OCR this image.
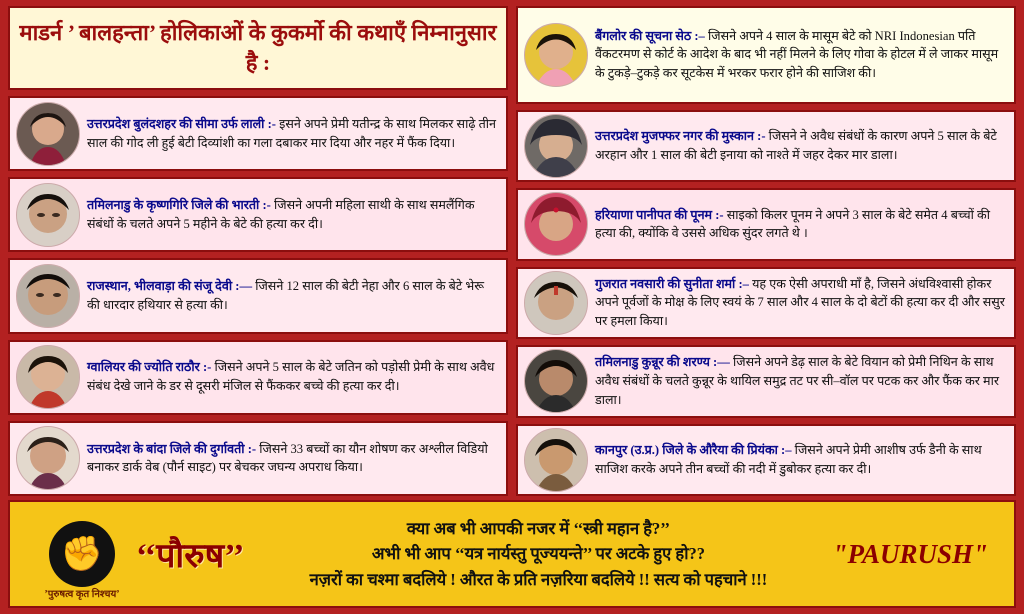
माडर्न ’ बालहन्ता’ होलिकाओं के कुकर्मो की कथाएँ निम्नानुसार है :
उत्तरप्रदेश बुलंदशहर की सीमा उर्फ लाली :- इसने अपने प्रेमी यतीन्द्र के साथ मिलकर साढ़े तीन साल की गोद ली हुई बेटी दिव्यांशी का गला दबाकर मार दिया और नहर में फैंक दिया।
तमिलनाडु के कृष्णगिरि जिले की भारती :- जिसने अपनी महिला साथी के साथ समलैंगिक संबंधों के चलते अपने 5 महीने के बेटे की हत्या कर दी।
राजस्थान, भीलवाड़ा की संजू देवी :— जिसने 12 साल की बेटी नेहा और 6 साल के बेटे भेरू की धारदार हथियार से हत्या की।
ग्वालियर की ज्योति राठौर :- जिसने अपने 5 साल के बेटे जतिन को पड़ोसी प्रेमी के साथ अवैध संबंध देखे जाने के डर से दूसरी मंजिल से फैंककर बच्चे की हत्या कर दी।
उत्तरप्रदेश के बांदा जिले की दुर्गावती :- जिसने 33 बच्चों का यौन शोषण कर अश्लील विडियो बनाकर डार्क वेब (पौर्न साइट) पर बेचकर जघन्य अपराध किया।
बैंगलोर की सूचना सेठ :– जिसने अपने 4 साल के मासूम बेटे को NRI Indonesian पति वैंकटरमण से कोर्ट के आदेश के बाद भी नहीं मिलने के लिए गोवा के होटल में ले जाकर मासूम के टुकड़े–टुकड़े कर सूटकेस में भरकर फरार होने की साजिश की।
उत्तरप्रदेश मुजफ्फर नगर की मुस्कान :- जिसने ने अवैध संबंधों के कारण अपने 5 साल के बेटे अरहान और 1 साल की बेटी इनाया को नाश्ते में जहर देकर मार डाला।
हरियाणा पानीपत की पूनम :- साइको किलर पूनम ने अपने 3 साल के बेटे समेत 4 बच्चों की हत्या की, क्योंकि वे उससे अधिक सुंदर लगते थे ।
गुजरात नवसारी की सुनीता शर्मा :– यह एक ऐसी अपराधी माँ है, जिसने अंधविश्वासी होकर अपने पूर्वजों के मोक्ष के लिए स्वयं के 7 साल और 4 साल के दो बेटों की हत्या कर दी और ससुर पर हमला किया।
तमिलनाडु कुन्नूर की शरण्य :— जिसने अपने डेढ़ साल के बेटे वियान को प्रेमी निथिन के साथ अवैध संबंधों के चलते कुन्नूर के थायिल समुद्र तट पर सी–वॉल पर पटक कर और फैंक कर मार डाला।
कानपुर (उ.प्र.) जिले के औरैया की प्रियंका :– जिसने अपने प्रेमी आशीष उर्फ डैनी के साथ साजिश करके अपने तीन बच्चों की नदी में डुबोकर हत्या कर दी।
✊
’पुरुषत्व कृत निश्चय’
‘‘पौरुष’’
क्या अब भी आपकी नजर में ‘‘स्त्री महान है?’’
अभी भी आप ‘‘यत्र नार्यस्तु पूज्ययन्ते’’ पर अटके हुए हो??
नज़रों का चश्मा बदलिये ! औरत के प्रति नज़रिया बदलिये !! सत्य को पहचाने !!!
"PAURUSH"
